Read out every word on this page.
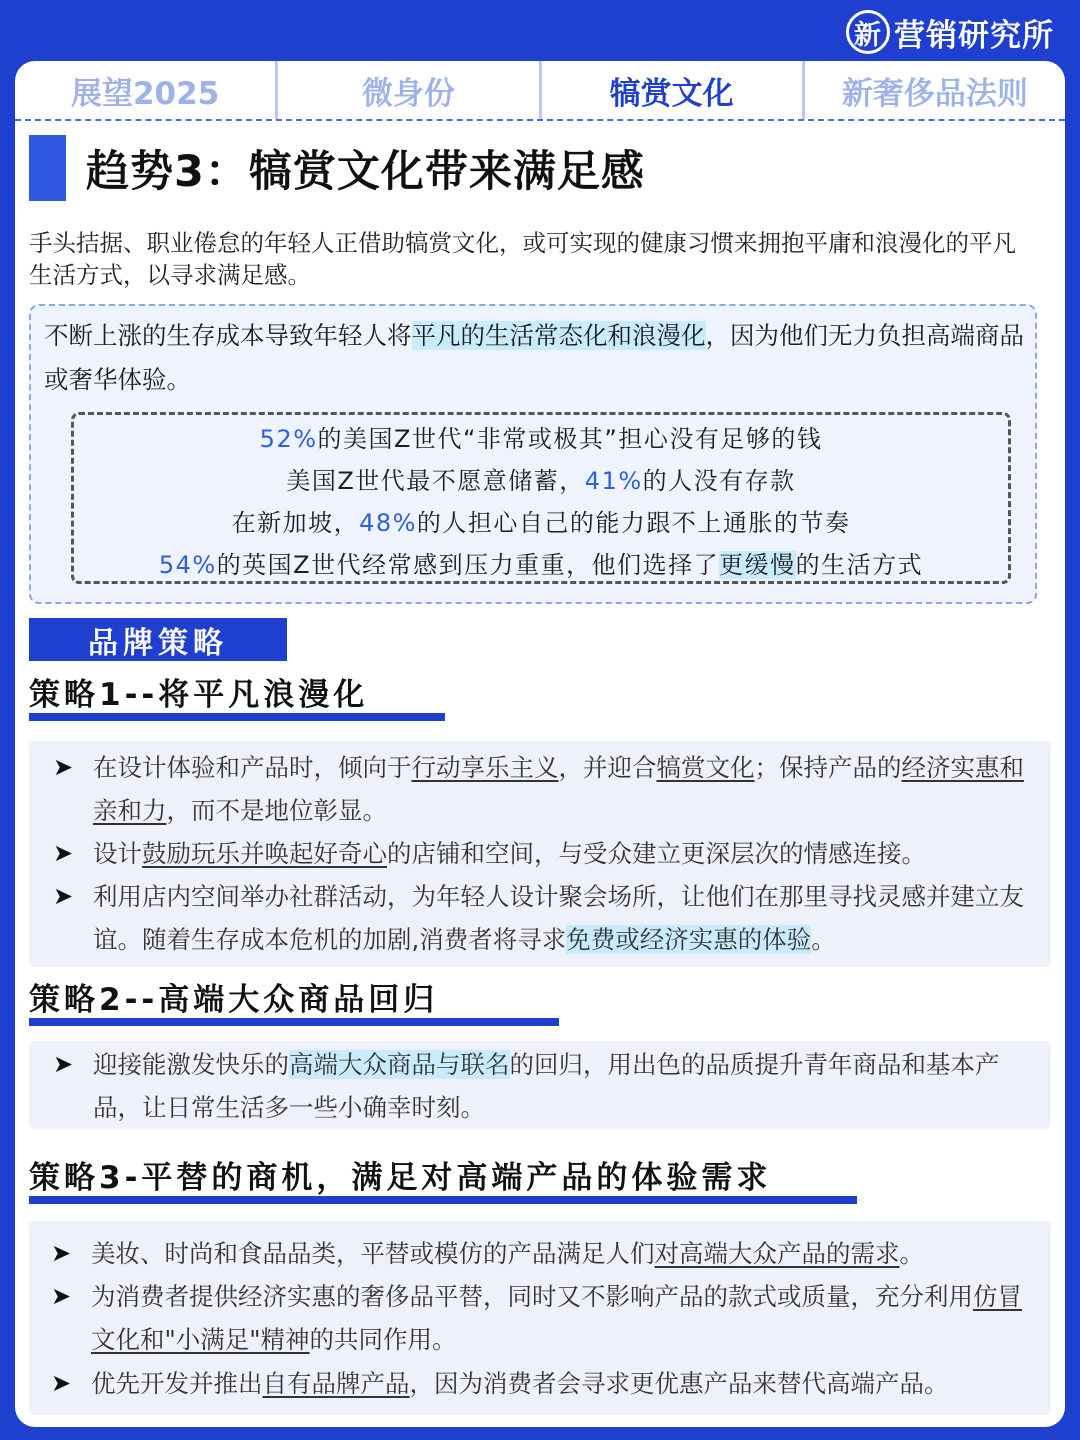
新 营销研究所
展望2025	微身份	犒赏文化	新奢侈品法则
趋势3：犒赏文化带来满足感
手头拮据、职业倦怠的年轻人正借助犒赏文化，或可实现的健康习惯来拥抱平庸和浪漫化的平凡生活方式，以寻求满足感。
不断上涨的生存成本导致年轻人将平凡的生活常态化和浪漫化，因为他们无力负担高端商品或奢华体验。
52%的美国Z世代“非常或极其”担心没有足够的钱
美国Z世代最不愿意储蓄，41%的人没有存款
在新加坡，48%的人担心自己的能力跟不上通胀的节奏
54%的英国Z世代经常感到压力重重，他们选择了更缓慢的生活方式
品牌策略
策略1--将平凡浪漫化
➤ 在设计体验和产品时，倾向于行动享乐主义，并迎合犒赏文化；保持产品的经济实惠和亲和力，而不是地位彰显。
➤ 设计鼓励玩乐并唤起好奇心的店铺和空间，与受众建立更深层次的情感连接。
➤ 利用店内空间举办社群活动，为年轻人设计聚会场所，让他们在那里寻找灵感并建立友谊。随着生存成本危机的加剧,消费者将寻求免费或经济实惠的体验。
策略2--高端大众商品回归
➤ 迎接能激发快乐的高端大众商品与联名的回归，用出色的品质提升青年商品和基本产品，让日常生活多一些小确幸时刻。
策略3-平替的商机，满足对高端产品的体验需求
➤ 美妆、时尚和食品品类，平替或模仿的产品满足人们对高端大众产品的需求。
➤ 为消费者提供经济实惠的奢侈品平替，同时又不影响产品的款式或质量，充分利用仿冒文化和"小满足"精神的共同作用。
➤ 优先开发并推出自有品牌产品，因为消费者会寻求更优惠产品来替代高端产品。
